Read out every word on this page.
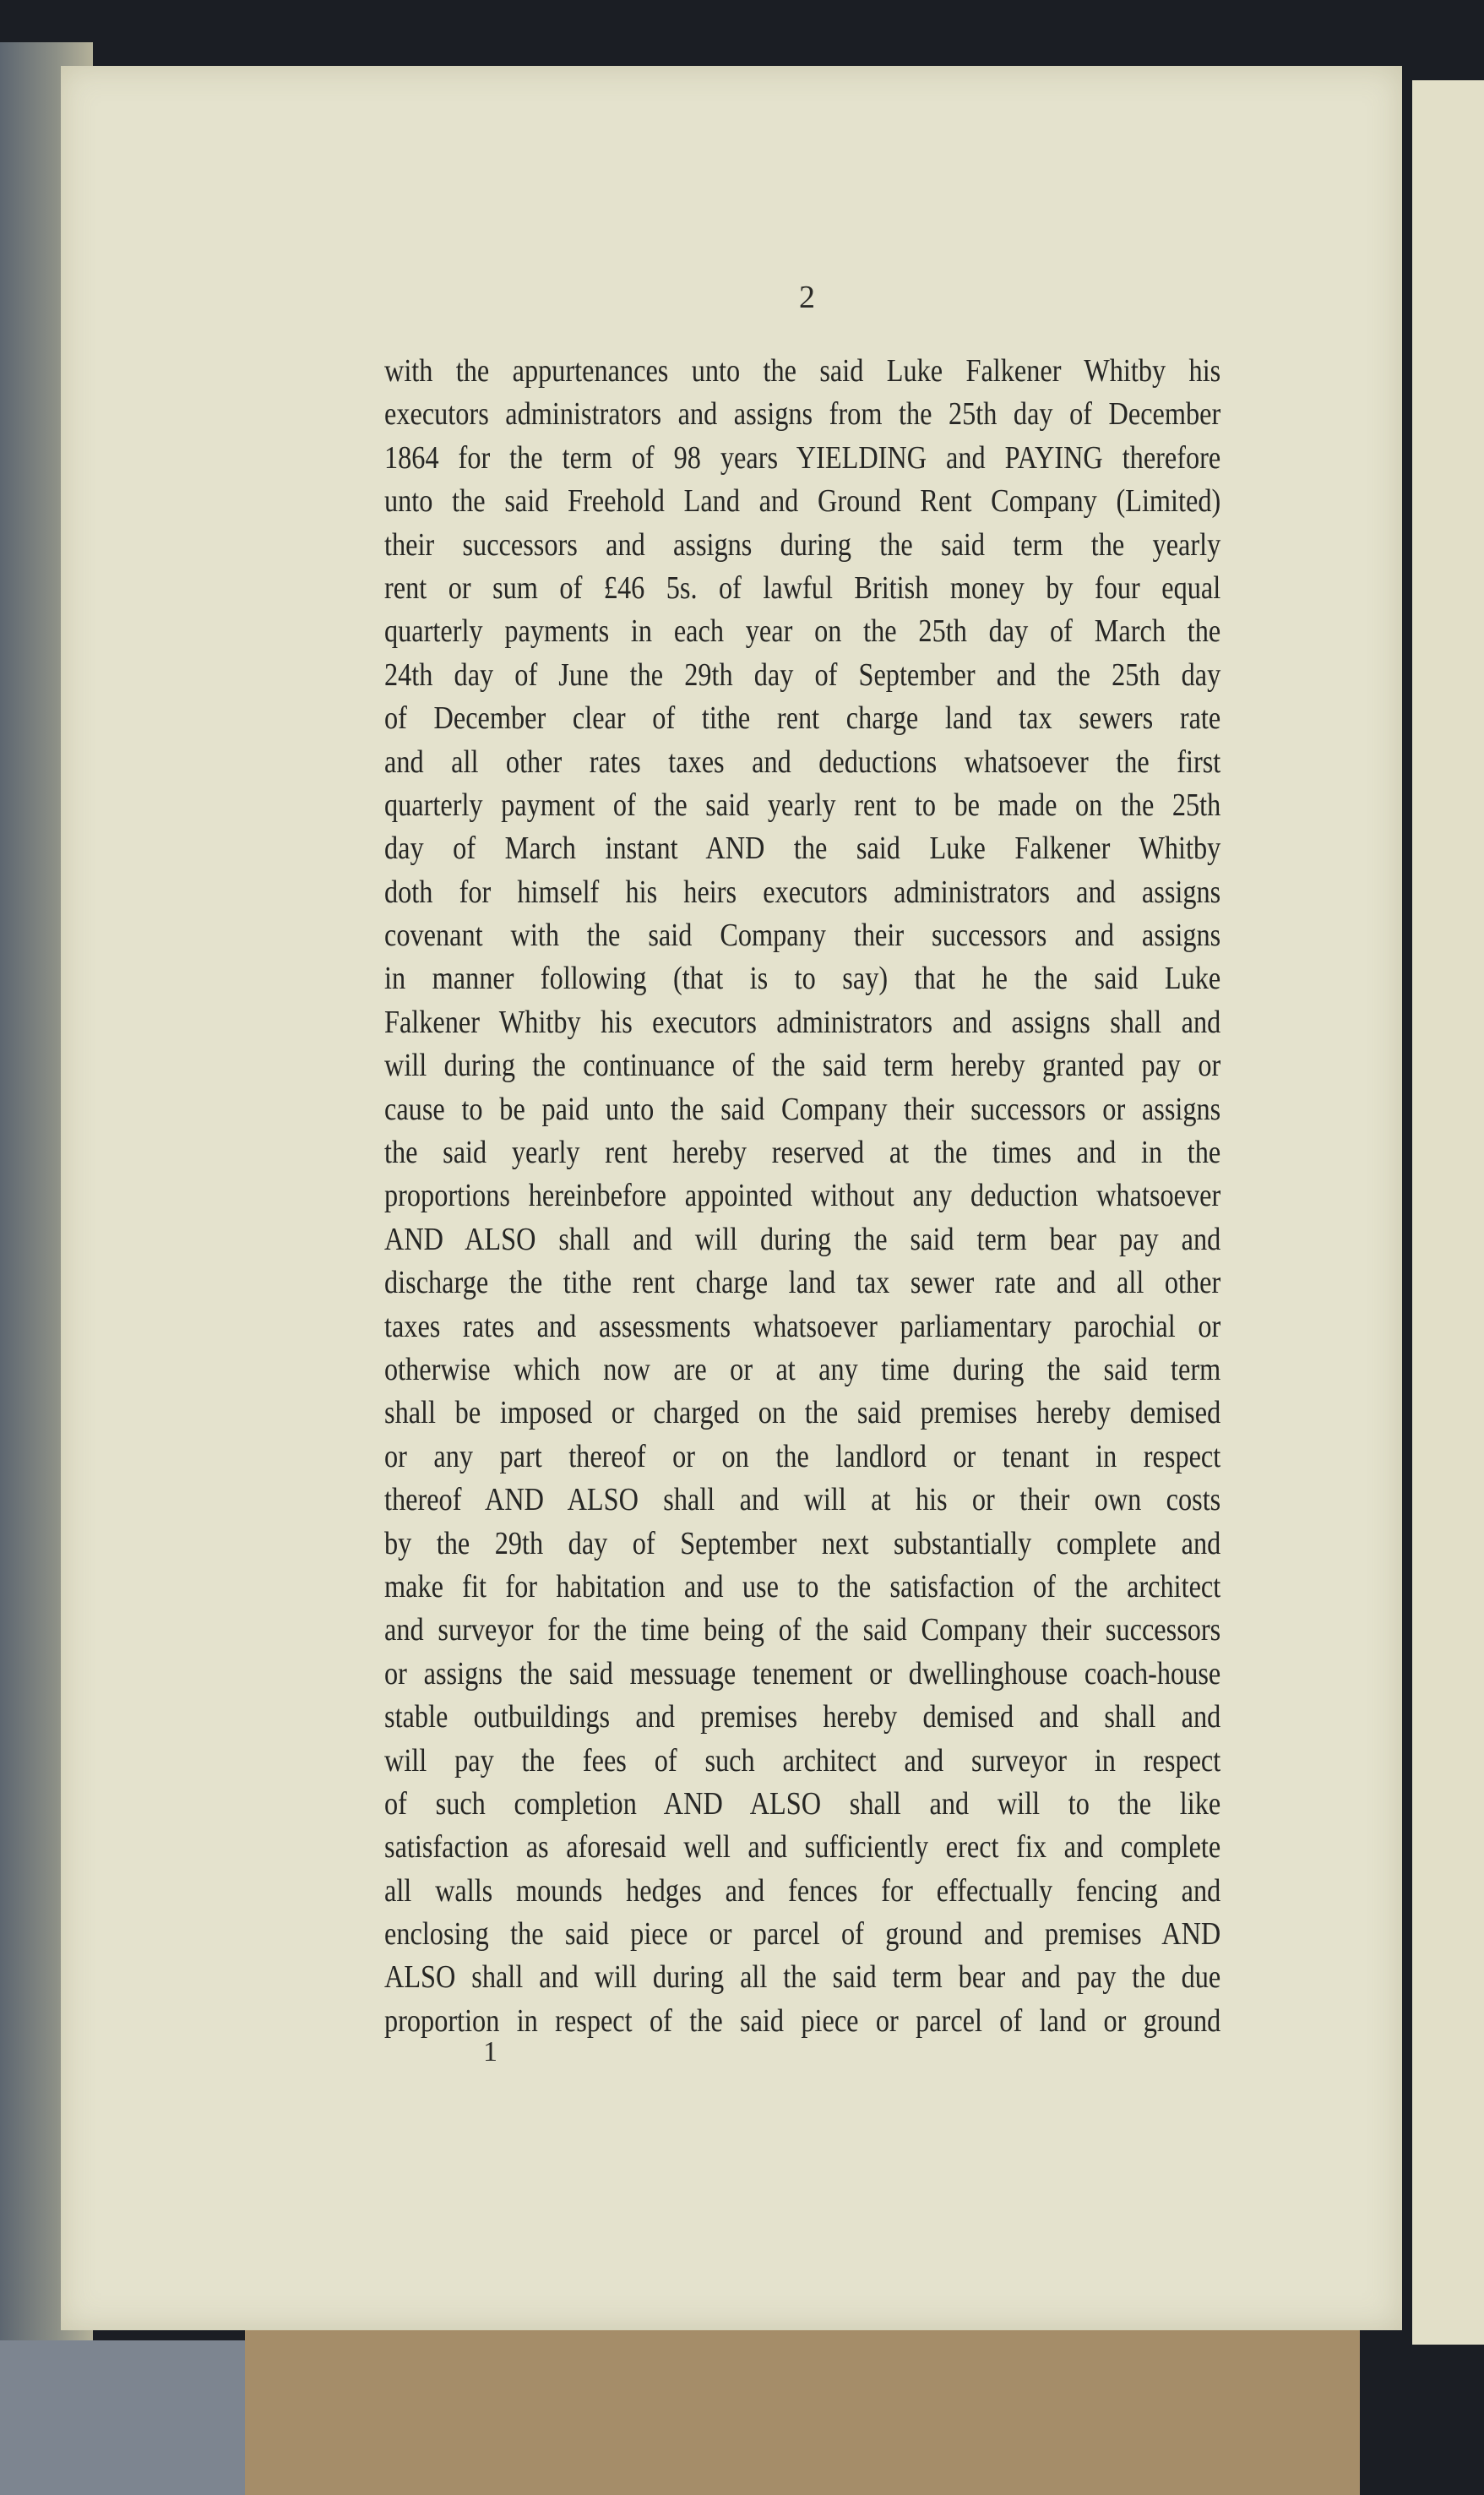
2
with the appurtenances unto the said Luke Falkener Whitby his
executors administrators and assigns from the 25th day of December
1864 for the term of 98 years YIELDING and PAYING therefore
unto the said Freehold Land and Ground Rent Company (Limited)
their successors and assigns during the said term the yearly
rent or sum of £46 5s. of lawful British money by four equal
quarterly payments in each year on the 25th day of March the
24th day of June the 29th day of September and the 25th day
of December clear of tithe rent charge land tax sewers rate
and all other rates taxes and deductions whatsoever the first
quarterly payment of the said yearly rent to be made on the 25th
day of March instant AND the said Luke Falkener Whitby
doth for himself his heirs executors administrators and assigns
covenant with the said Company their successors and assigns
in manner following (that is to say) that he the said Luke
Falkener Whitby his executors administrators and assigns shall and
will during the continuance of the said term hereby granted pay or
cause to be paid unto the said Company their successors or assigns
the said yearly rent hereby reserved at the times and in the
proportions hereinbefore appointed without any deduction whatsoever
AND ALSO shall and will during the said term bear pay and
discharge the tithe rent charge land tax sewer rate and all other
taxes rates and assessments whatsoever parliamentary parochial or
otherwise which now are or at any time during the said term
shall be imposed or charged on the said premises hereby demised
or any part thereof or on the landlord or tenant in respect
thereof AND ALSO shall and will at his or their own costs
by the 29th day of September next substantially complete and
make fit for habitation and use to the satisfaction of the architect
and surveyor for the time being of the said Company their successors
or assigns the said messuage tenement or dwellinghouse coach-house
stable outbuildings and premises hereby demised and shall and
will pay the fees of such architect and surveyor in respect
of such completion AND ALSO shall and will to the like
satisfaction as aforesaid well and sufficiently erect fix and complete
all walls mounds hedges and fences for effectually fencing and
enclosing the said piece or parcel of ground and premises AND
ALSO shall and will during all the said term bear and pay the due
proportion in respect of the said piece or parcel of land or ground
1
